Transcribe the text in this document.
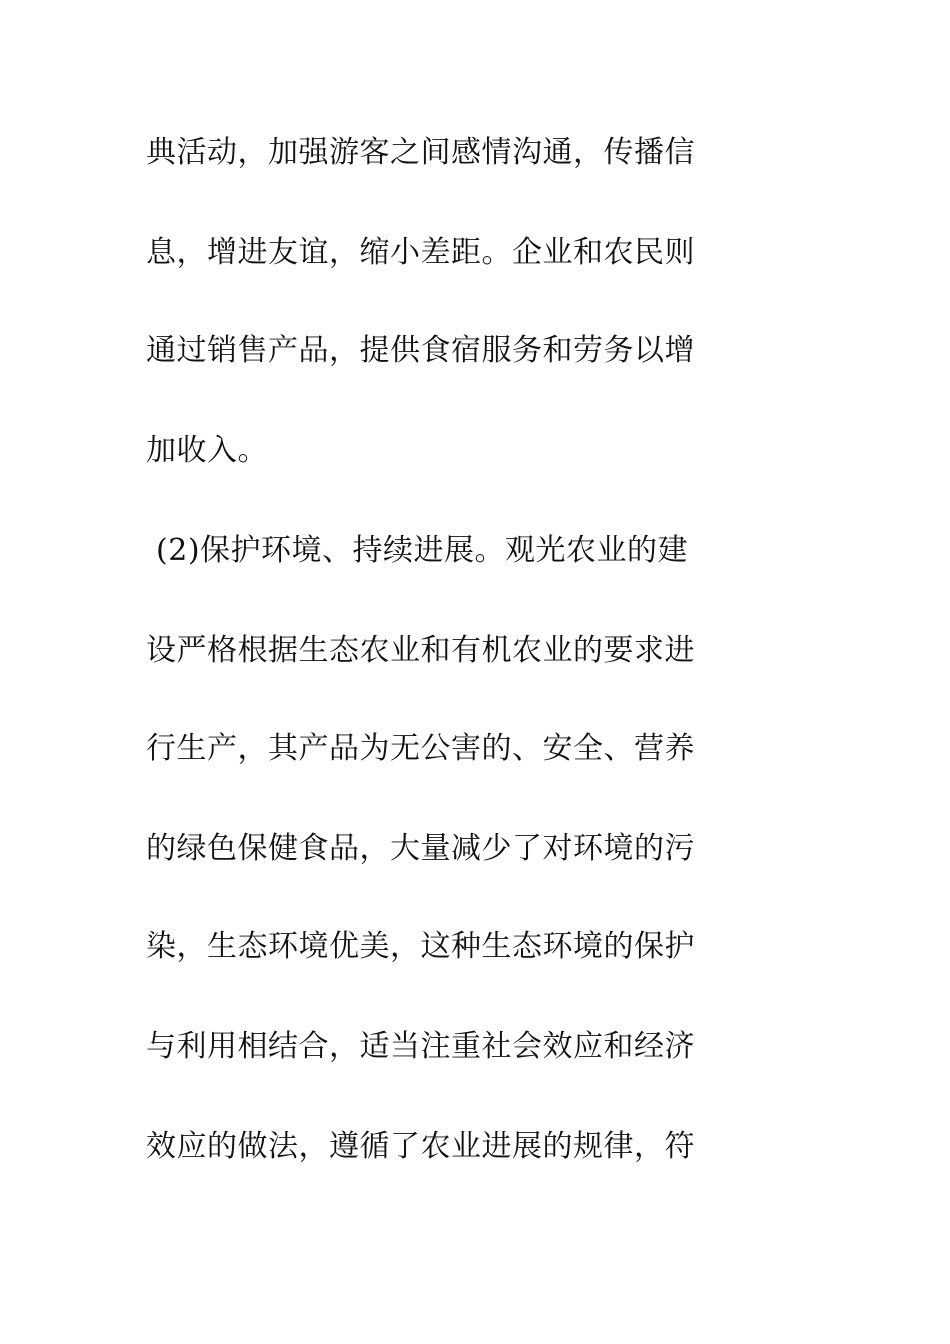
典活动，加强游客之间感情沟通，传播信
息，增进友谊，缩小差距。企业和农民则
通过销售产品，提供食宿服务和劳务以增
加收入。
(2)保护环境、持续进展。观光农业的建
设严格根据生态农业和有机农业的要求进
行生产，其产品为无公害的、安全、营养
的绿色保健食品，大量减少了对环境的污
染，生态环境优美，这种生态环境的保护
与利用相结合，适当注重社会效应和经济
效应的做法，遵循了农业进展的规律，符
